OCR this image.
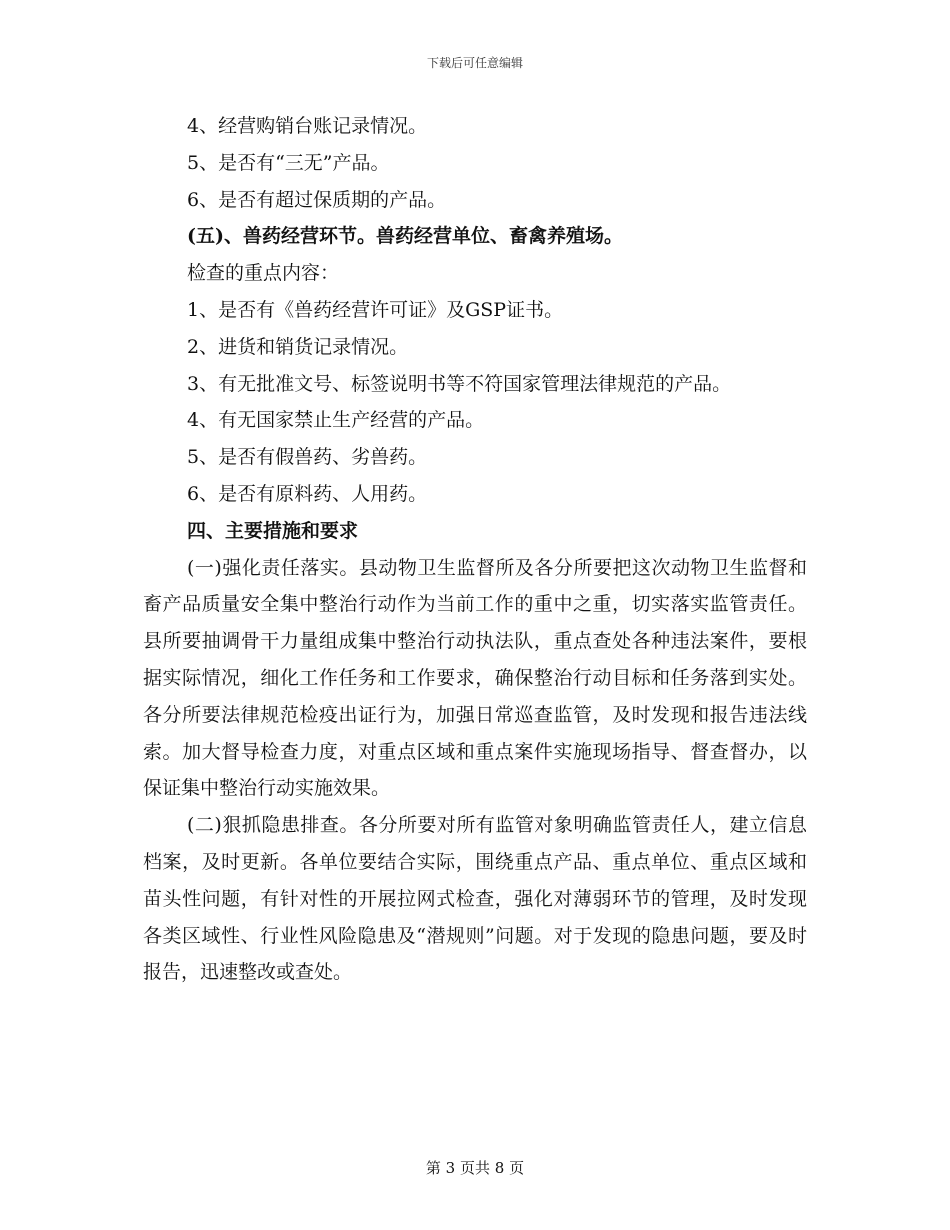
下载后可任意编辑
4、经营购销台账记录情况。
5、是否有“三无”产品。
6、是否有超过保质期的产品。
(五)、兽药经营环节。兽药经营单位、畜禽养殖场。
检查的重点内容：
1、是否有《兽药经营许可证》及GSP证书。
2、进货和销货记录情况。
3、有无批准文号、标签说明书等不符国家管理法律规范的产品。
4、有无国家禁止生产经营的产品。
5、是否有假兽药、劣兽药。
6、是否有原料药、人用药。
四、主要措施和要求
(一)强化责任落实。县动物卫生监督所及各分所要把这次动物卫生监督和畜产品质量安全集中整治行动作为当前工作的重中之重，切实落实监管责任。县所要抽调骨干力量组成集中整治行动执法队，重点查处各种违法案件，要根据实际情况，细化工作任务和工作要求，确保整治行动目标和任务落到实处。各分所要法律规范检疫出证行为，加强日常巡查监管，及时发现和报告违法线索。加大督导检查力度，对重点区域和重点案件实施现场指导、督查督办，以保证集中整治行动实施效果。
(二)狠抓隐患排查。各分所要对所有监管对象明确监管责任人，建立信息档案，及时更新。各单位要结合实际，围绕重点产品、重点单位、重点区域和苗头性问题，有针对性的开展拉网式检查，强化对薄弱环节的管理，及时发现各类区域性、行业性风险隐患及“潜规则”问题。对于发现的隐患问题，要及时报告，迅速整改或查处。
第 3 页共 8 页
